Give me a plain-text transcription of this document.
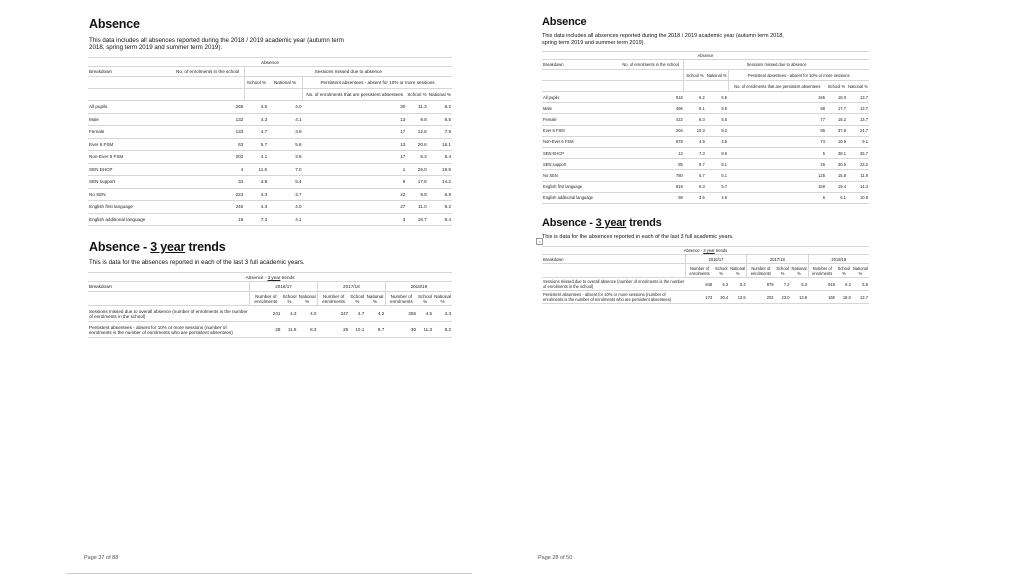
Absence
This data includes all absences reported during the 2018 / 2019 academic year (autumn term 2018, spring term 2019 and summer term 2019).
Absence						
Breakdown	No. of enrolments in the school	Sessions missed due to absence				
		School %	National %	Persistent absentees - absent for 10% or more sessions		
				No. of enrolments that are persistent absentees	School %	National %
All pupils	265	4.5	4.0	30	11.3	8.2
Male	132	4.3	4.1	13	9.8	8.5
Female	133	4.7	3.9	17	12.8	7.9
Ever 6 FSM	63	5.7	5.6	13	20.6	16.1
Non-Ever 6 FSM	202	4.1	3.5	17	8.4	5.4
SEN EHCP	4	11.6	7.0	1	25.0	19.9
SEN support	34	4.8	5.4	6	17.6	14.2
No SEN	224	4.3	3.7	22	9.8	6.8
English first language	246	4.3	4.0	27	11.0	8.2
English additional language	18	7.3	4.1	3	16.7	8.4
Absence - 3 year trends
This is data for the absences reported in each of the last 3 full academic years.
Absence - 3 year trends									
Breakdown	2016/17			2017/18			2018/19		
	Number of enrolments	School %	National %	Number of enrolments	School %	National %	Number of enrolments	School %	National %
Sessions missed due to overall absence (number of enrolments is the number of enrolments in the school)	241	4.3	4.0	247	4.7	4.2	265	4.5	4.3
Persistent absentees - absent for 10% or more sessions (number of enrolments is the number of enrolments who are persistent absentees)	28	11.6	8.3	25	10.1	8.7	30	11.3	8.2
Page 37 of 88
Absence
This data includes all absences reported during the 2018 / 2019 academic year (autumn term 2018, spring term 2019 and summer term 2019).
Absence						
Breakdown	No. of enrolments in the school	Sessions missed due to absence				
		School %	National %	Persistent absentees - absent for 10% or more sessions		
				No. of enrolments that are persistent absentees	School %	National %
All pupils	918	6.2	5.5	165	18.0	13.7
Male	496	6.1	5.5	88	17.7	13.7
Female	422	6.3	5.5	77	18.2	13.7
Ever 6 FSM	204	10.3	8.2	96	37.8	24.7
Non-Ever 6 FSM	678	4.9	4.5	74	10.9	9.1
SEN EHCP	13	7.3	8.6	5	38.1	25.7
SEN support	85	9.7	8.1	26	30.6	23.2
No SEN	780	5.7	5.1	125	15.8	11.9
English first language	819	6.3	5.7	159	19.4	14.3
English additional language	98	3.5	4.6	6	6.1	10.8
Absence - 3 year trends
This is data for the absences reported in each of the last 3 full academic years.
+
Absence - 3 year trends									
Breakdown	2016/17			2017/18			2018/19		
	Number of enrolments	School %	National %	Number of enrolments	School %	National %	Number of enrolments	School %	National %
Sessions missed due to overall absence (number of enrolments is the number of enrolments in the school)	848	6.3	5.4	879	7.2	5.3	918	6.2	5.5
Persistent absentees - absent for 10% or more sessions (number of enrolments is the number of enrolments who are persistent absentees)	173	20.4	13.5	202	23.0	13.9	165	18.0	13.7
Page 28 of 50
